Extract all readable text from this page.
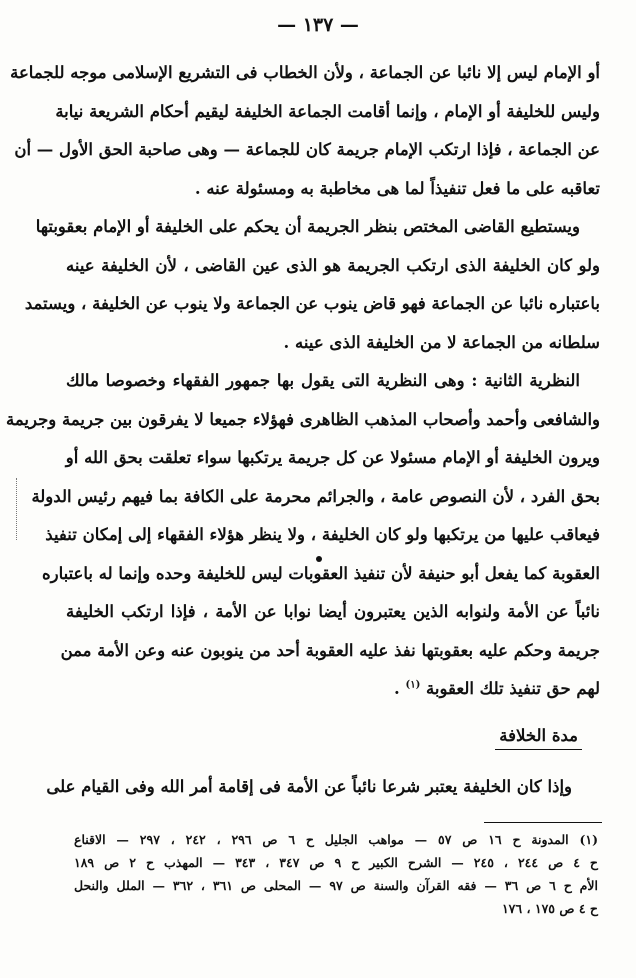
— ١٣٧ —
أو الإمام ليس إلا نائبا عن الجماعة ، ولأن الخطاب فى التشريع الإسلامى موجه للجماعة
وليس للخليفة أو الإمام ، وإنما أقامت الجماعة الخليفة ليقيم أحكام الشريعة نيابة
عن الجماعة ، فإذا ارتكب الإمام جريمة كان للجماعة — وهى صاحبة الحق الأول — أن
تعاقبه على ما فعل تنفيذاً لما هى مخاطبة به ومسئولة عنه .
ويستطيع القاضى المختص بنظر الجريمة أن يحكم على الخليفة أو الإمام بعقوبتها
ولو كان الخليفة الذى ارتكب الجريمة هو الذى عين القاضى ، لأن الخليفة عينه
باعتباره نائبا عن الجماعة فهو قاض ينوب عن الجماعة ولا ينوب عن الخليفة ، ويستمد
سلطانه من الجماعة لا من الخليفة الذى عينه .
النظرية الثانية : وهى النظرية التى يقول بها جمهور الفقهاء وخصوصا مالك
والشافعى وأحمد وأصحاب المذهب الظاهرى فهؤلاء جميعا لا يفرقون بين جريمة وجريمة
ويرون الخليفة أو الإمام مسئولا عن كل جريمة يرتكبها سواء تعلقت بحق الله أو
بحق الفرد ، لأن النصوص عامة ، والجرائم محرمة على الكافة بما فيهم رئيس الدولة
فيعاقب عليها من يرتكبها ولو كان الخليفة ، ولا ينظر هؤلاء الفقهاء إلى إمكان تنفيذ
العقوبة كما يفعل أبو حنيفة لأن تنفيذ العقوبات ليس للخليفة وحده وإنما له باعتباره
نائباً عن الأمة ولنوابه الذين يعتبرون أيضا نوابا عن الأمة ، فإذا ارتكب الخليفة
جريمة وحكم عليه بعقوبتها نفذ عليه العقوبة أحد من ينوبون عنه وعن الأمة ممن
لهم حق تنفيذ تلك العقوبة $^{(١)}$ .
مدة الخلافة
وإذا كان الخليفة يعتبر شرعا نائباً عن الأمة فى إقامة أمر الله وفى القيام على
(١) المدونة ح ١٦ ص ٥٧ — مواهب الجليل ح ٦ ص ٢٩٦ ، ٢٤٢ ، ٢٩٧ — الاقناع
ح ٤ ص ٢٤٤ ، ٢٤٥ — الشرح الكبير ح ٩ ص ٣٤٧ ، ٣٤٣ — المهذب ح ٢ ص ١٨٩
الأم ح ٦ ص ٣٦ — فقه القرآن والسنة ص ٩٧ — المحلى ص ٣٦١ ، ٣٦٢ — الملل والنحل
ح ٤ ص ١٧٥ ، ١٧٦
